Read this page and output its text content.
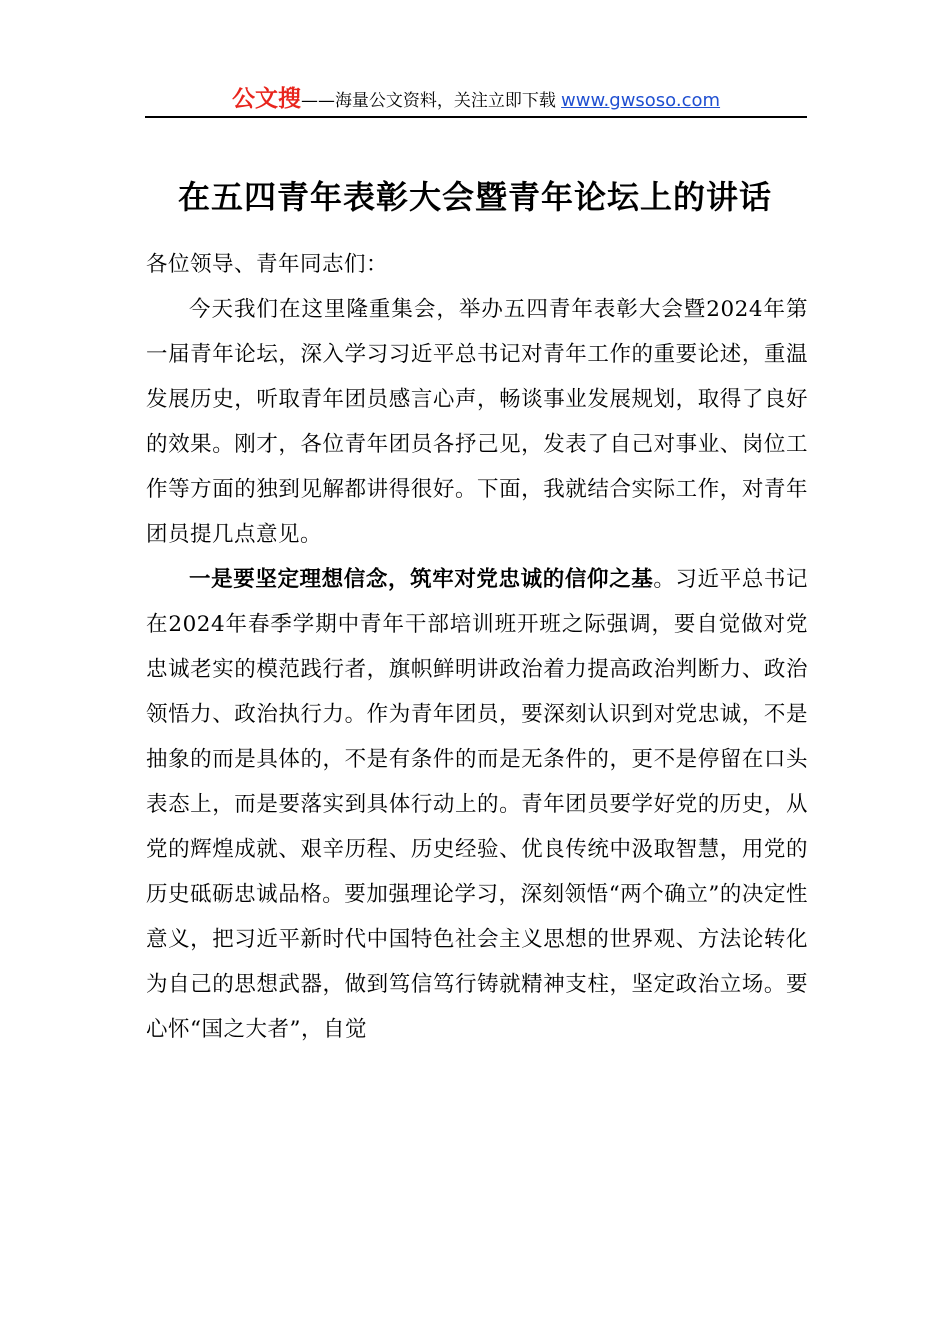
公文搜——海量公文资料，关注立即下载 www.gwsoso.com
在五四青年表彰大会暨青年论坛上的讲话

各位领导、青年同志们：

今天我们在这里隆重集会，举办五四青年表彰大会暨2024年第一届青年论坛，深入学习习近平总书记对青年工作的重要论述，重温发展历史，听取青年团员感言心声，畅谈事业发展规划，取得了良好的效果。刚才，各位青年团员各抒己见，发表了自己对事业、岗位工作等方面的独到见解都讲得很好。下面，我就结合实际工作，对青年团员提几点意见。

一是要坚定理想信念，筑牢对党忠诚的信仰之基。习近平总书记在2024年春季学期中青年干部培训班开班之际强调，要自觉做对党忠诚老实的模范践行者，旗帜鲜明讲政治着力提高政治判断力、政治领悟力、政治执行力。作为青年团员，要深刻认识到对党忠诚，不是抽象的而是具体的，不是有条件的而是无条件的，更不是停留在口头表态上，而是要落实到具体行动上的。青年团员要学好党的历史，从党的辉煌成就、艰辛历程、历史经验、优良传统中汲取智慧，用党的历史砥砺忠诚品格。要加强理论学习，深刻领悟“两个确立”的决定性意义，把习近平新时代中国特色社会主义思想的世界观、方法论转化为自己的思想武器，做到笃信笃行铸就精神支柱，坚定政治立场。要心怀“国之大者”，自觉
